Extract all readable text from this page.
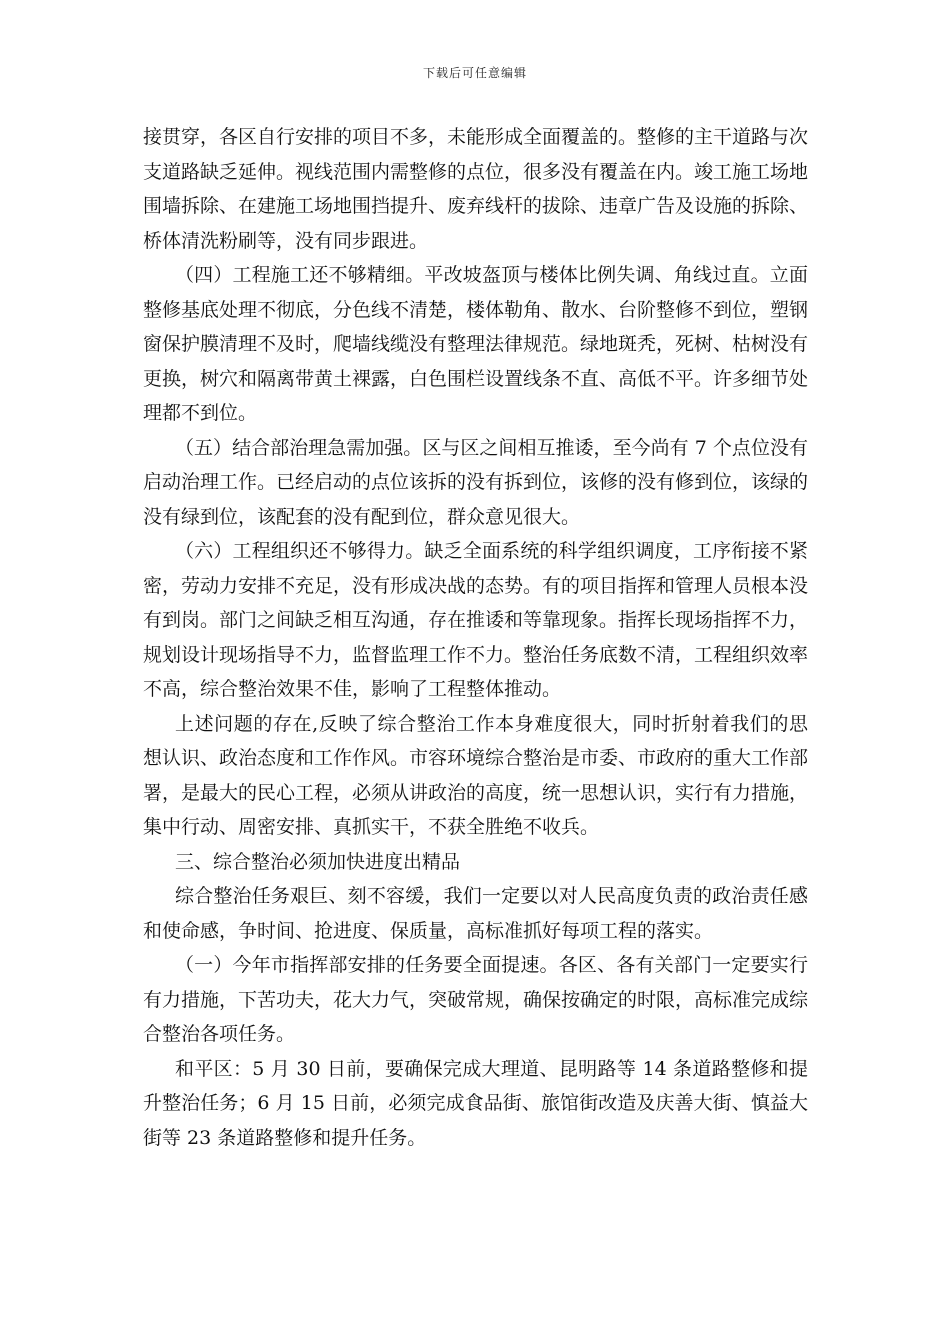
下载后可任意编辑

接贯穿，各区自行安排的项目不多，未能形成全面覆盖的。整修的主干道路与次支道路缺乏延伸。视线范围内需整修的点位，很多没有覆盖在内。竣工施工场地围墙拆除、在建施工场地围挡提升、废弃线杆的拔除、违章广告及设施的拆除、桥体清洗粉刷等，没有同步跟进。

（四）工程施工还不够精细。平改坡盔顶与楼体比例失调、角线过直。立面整修基底处理不彻底，分色线不清楚，楼体勒角、散水、台阶整修不到位，塑钢窗保护膜清理不及时，爬墙线缆没有整理法律规范。绿地斑秃，死树、枯树没有更换，树穴和隔离带黄土裸露，白色围栏设置线条不直、高低不平。许多细节处理都不到位。

（五）结合部治理急需加强。区与区之间相互推诿，至今尚有 7 个点位没有启动治理工作。已经启动的点位该拆的没有拆到位，该修的没有修到位，该绿的没有绿到位，该配套的没有配到位，群众意见很大。

（六）工程组织还不够得力。缺乏全面系统的科学组织调度，工序衔接不紧密，劳动力安排不充足，没有形成决战的态势。有的项目指挥和管理人员根本没有到岗。部门之间缺乏相互沟通，存在推诿和等靠现象。指挥长现场指挥不力，规划设计现场指导不力，监督监理工作不力。整治任务底数不清，工程组织效率不高，综合整治效果不佳，影响了工程整体推动。

上述问题的存在,反映了综合整治工作本身难度很大，同时折射着我们的思想认识、政治态度和工作作风。市容环境综合整治是市委、市政府的重大工作部署，是最大的民心工程，必须从讲政治的高度，统一思想认识，实行有力措施，集中行动、周密安排、真抓实干，不获全胜绝不收兵。

三、综合整治必须加快进度出精品

综合整治任务艰巨、刻不容缓，我们一定要以对人民高度负责的政治责任感和使命感，争时间、抢进度、保质量，高标准抓好每项工程的落实。

（一）今年市指挥部安排的任务要全面提速。各区、各有关部门一定要实行有力措施，下苦功夫，花大力气，突破常规，确保按确定的时限，高标准完成综合整治各项任务。

和平区：5 月 30 日前，要确保完成大理道、昆明路等 14 条道路整修和提升整治任务；6 月 15 日前，必须完成食品街、旅馆街改造及庆善大街、慎益大街等 23 条道路整修和提升任务。
